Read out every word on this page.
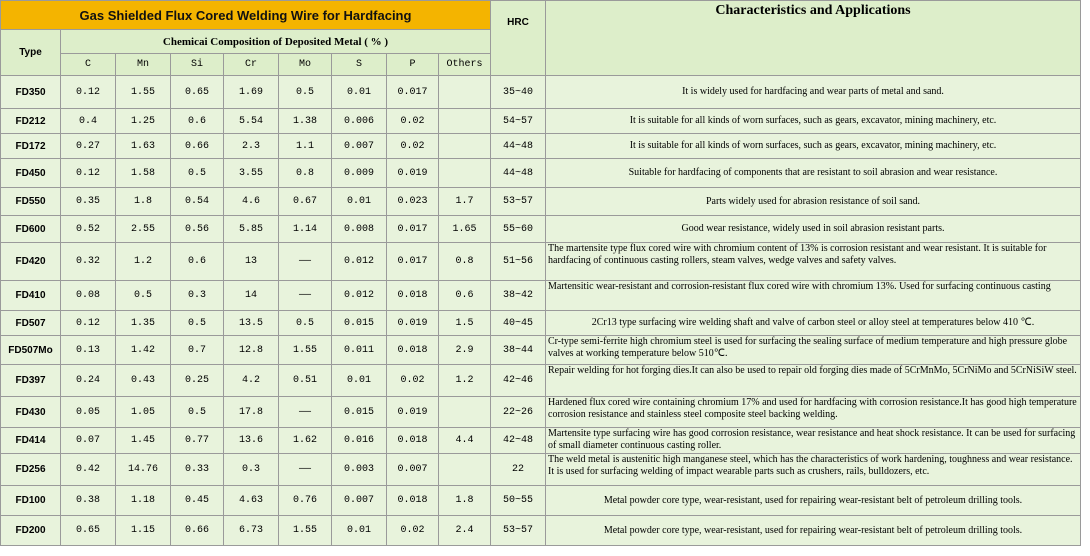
Gas Shielded Flux Cored Welding Wire for Hardfacing									HRC	Characteristics and Applications
Type	Chemicai Composition of Deposited Metal ( % )									
	C	Mn	Si	Cr	Mo	S	P	Others		
FD350	0.12	1.55	0.65	1.69	0.5	0.01	0.017		35~40	It is widely used for hardfacing and wear parts of metal and sand.

FD212	0.4	1.25	0.6	5.54	1.38	0.006	0.02		54~57	It is suitable for all kinds of worn surfaces, such as gears, excavator, mining machinery, etc.

FD172	0.27	1.63	0.66	2.3	1.1	0.007	0.02		44~48	It is suitable for all kinds of worn surfaces, such as gears, excavator, mining machinery, etc.

FD450	0.12	1.58	0.5	3.55	0.8	0.009	0.019		44~48	Suitable for hardfacing of components that are resistant to soil abrasion and wear resistance.

FD550	0.35	1.8	0.54	4.6	0.67	0.01	0.023	1.7	53~57	Parts widely used for abrasion resistance of soil sand.

FD600	0.52	2.55	0.56	5.85	1.14	0.008	0.017	1.65	55~60	Good wear resistance, widely used in soil abrasion resistant parts.

FD420	0.32	1.2	0.6	13	——	0.012	0.017	0.8	51~56	The martensite type flux cored wire with chromium content of 13% is corrosion resistant and wear resistant. It is suitable for hardfacing of continuous casting rollers, steam valves, wedge valves and safety valves.

FD410	0.08	0.5	0.3	14	——	0.012	0.018	0.6	38~42	Martensitic wear-resistant and corrosion-resistant flux cored wire with chromium 13%. Used for surfacing continuous casting

FD507	0.12	1.35	0.5	13.5	0.5	0.015	0.019	1.5	40~45	2Cr13 type surfacing wire welding shaft and valve of carbon steel or alloy steel at temperatures below 410 ℃.

FD507Mo	0.13	1.42	0.7	12.8	1.55	0.011	0.018	2.9	38~44	Cr-type semi-ferrite high chromium steel is used for surfacing the sealing surface of medium temperature and high pressure globe valves at working temperature below 510℃.

FD397	0.24	0.43	0.25	4.2	0.51	0.01	0.02	1.2	42~46	Repair welding for hot forging dies.It can also be used to repair old forging dies made of 5CrMnMo, 5CrNiMo and 5CrNiSiW steel.

FD430	0.05	1.05	0.5	17.8	——	0.015	0.019		22~26	Hardened flux cored wire containing chromium 17% and used for hardfacing with corrosion resistance.It has good high temperature corrosion resistance and stainless steel composite steel backing welding.

FD414	0.07	1.45	0.77	13.6	1.62	0.016	0.018	4.4	42~48	Martensite type surfacing wire has good corrosion resistance, wear resistance and heat shock resistance. It can be used for surfacing of small diameter continuous casting roller.

FD256	0.42	14.76	0.33	0.3	——	0.003	0.007		22	The weld metal is austenitic high manganese steel, which has the characteristics of work hardening, toughness and wear resistance. It is used for surfacing welding of impact wearable parts such as crushers, rails, bulldozers, etc.

FD100	0.38	1.18	0.45	4.63	0.76	0.007	0.018	1.8	50~55	Metal powder core type, wear-resistant, used for repairing wear-resistant belt of petroleum drilling tools.

FD200	0.65	1.15	0.66	6.73	1.55	0.01	0.02	2.4	53~57	Metal powder core type, wear-resistant, used for repairing wear-resistant belt of petroleum drilling tools.
